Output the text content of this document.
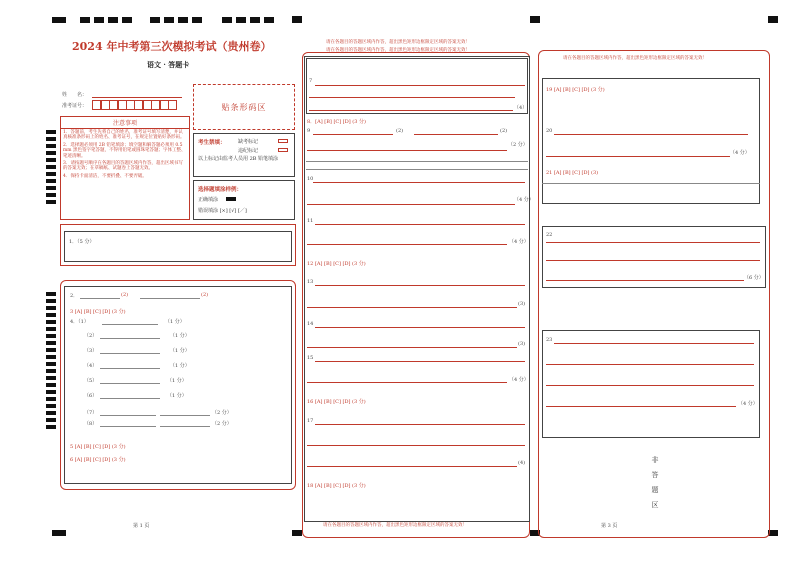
2024 年中考第三次模拟考试（贵州卷）
语文 · 答题卡
姓　　名：
准考证号：	贴条形码区
注意事项
1．答题前，考生先将自己的姓名，准考证号填写清楚，并认真核准条形码上的姓名、准考证号，在规定位置贴好条形码。
2．选择题必须用 2B 铅笔填涂；填空题和解答题必须用 0.5 mm 黑色签字笔答题，不得用铅笔或圆珠笔答题；字体工整、笔迹清晰。
3．请按题号顺序在各题目的答题区域内作答，超出区域书写的答案无效；在草稿纸、试题卷上答题无效。
4．保持卡面清洁，不要折叠、不要弄破。
考生禁填： 缺考标记
违纪标记
以上标记由监考人员用 2B 铅笔填涂
选择题填涂样例：
正确填涂
错误填涂 [×] [√] [／]
1．（5 分）
2．	(2)	(2)
3 [A] [B] [C] [D] (3 分)
4．（1）	（1 分）
（2）	（1 分）
（3）	（1 分）
（4）	（1 分）
（5）	（1 分）
（6）	（1 分）
（7）	（2 分）
（8）	（2 分）
5 [A] [B] [C] [D] (3 分)
6 [A] [B] [C] [D] (3 分)
第 1 页
请在各题目的答题区域内作答，超出黑色矩形边框限定区域的答案无效！
请在各题目的答题区域内作答，超出黑色矩形边框限定区域的答案无效！
请在各题目的答题区域内作答，超出黑色矩形边框限定区域的答案无效！
7
（4）
8．[A] [B] [C] [D] (3 分)
9	(2)	(2)
（2 分）
10
（4 分）
11
（4 分）
12 [A] [B] [C] [D] (3 分)
13
(3)
14
(3)
15
（4 分）
16 [A] [B] [C] [D] (3 分)
17
(4)
18 [A] [B] [C] [D] (3 分)
请在各题目的答题区域内作答，超出黑色矩形边框限定区域的答案无效！
19 [A] [B] [C] [D] (3 分)
20
（4 分）
21 [A] [B] [C] [D] (3)
22
（6 分）
23
（4 分）
非答题区
第 3 页
